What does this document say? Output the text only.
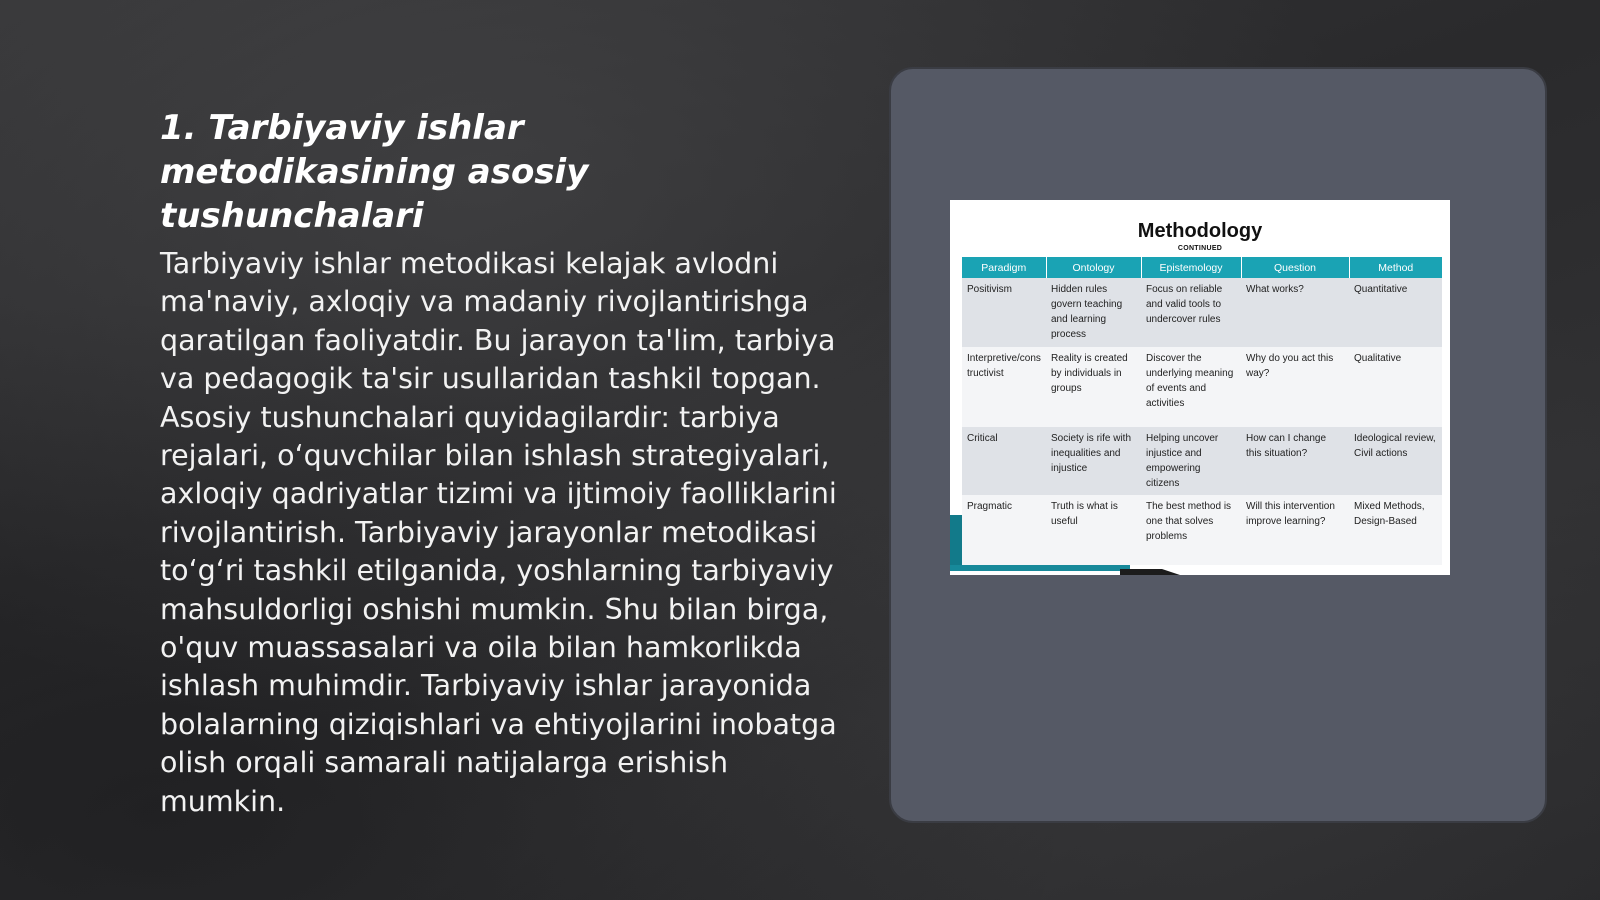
1. Tarbiyaviy ishlar metodikasining asosiy tushunchalari

Tarbiyaviy ishlar metodikasi kelajak avlodni ma'naviy, axloqiy va madaniy rivojlantirishga qaratilgan faoliyatdir. Bu jarayon ta'lim, tarbiya va pedagogik ta'sir usullaridan tashkil topgan. Asosiy tushunchalari quyidagilardir: tarbiya rejalari, o‘quvchilar bilan ishlash strategiyalari, axloqiy qadriyatlar tizimi va ijtimoiy faolliklarini rivojlantirish. Tarbiyaviy jarayonlar metodikasi to‘g‘ri tashkil etilganida, yoshlarning tarbiyaviy mahsuldorligi oshishi mumkin. Shu bilan birga, o'quv muassasalari va oila bilan hamkorlikda ishlash muhimdir. Tarbiyaviy ishlar jarayonida bolalarning qiziqishlari va ehtiyojlarini inobatga olish orqali samarali natijalarga erishish mumkin.

Methodology
CONTINUED
Paradigm	Ontology	Epistemology	Question	Method
Positivism	Hidden rules govern teaching and learning process	Focus on reliable and valid tools to undercover rules	What works?	Quantitative
Interpretive/constructivist	Reality is created by individuals in groups	Discover the underlying meaning of events and activities	Why do you act this way?	Qualitative
Critical	Society is rife with inequalities and injustice	Helping uncover injustice and empowering citizens	How can I change this situation?	Ideological review, Civil actions
Pragmatic	Truth is what is useful	The best method is one that solves problems	Will this intervention improve learning?	Mixed Methods, Design-Based
